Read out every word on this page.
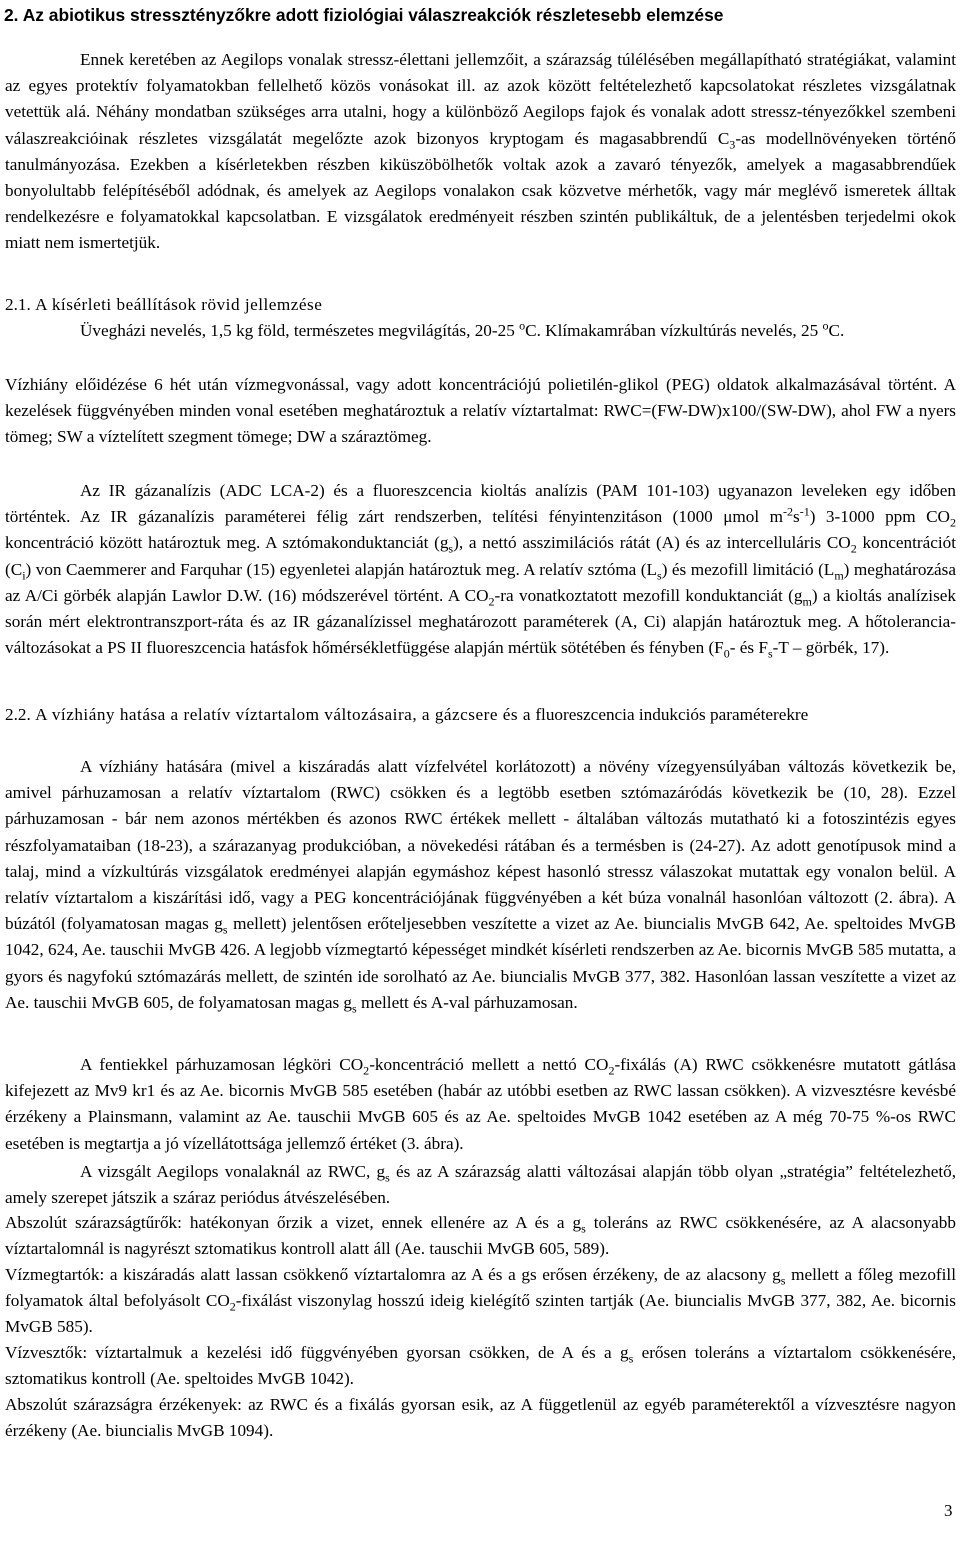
2. Az abiotikus stressztényzőkre adott fiziológiai válaszreakciók részletesebb elemzése

Ennek keretében az Aegilops vonalak stressz-élettani jellemzőit, a szárazság túlélésében megállapítható stratégiákat, valamint az egyes protektív folyamatokban fellelhető közös vonásokat ill. az azok között feltételezhető kapcsolatokat részletes vizsgálatnak vetettük alá. Néhány mondatban szükséges arra utalni, hogy a különböző Aegilops fajok és vonalak adott stressz-tényezőkkel szembeni válaszreakcióinak részletes vizsgálatát megelőzte azok bizonyos kryptogam és magasabbrendű $C_3-as$ modellnövényeken történő tanulmányozása. Ezekben a kísérletekben részben kiküszöbölhetők voltak azok a zavaró tényezők, amelyek a magasabbrendűek bonyolultabb felépítéséből adódnak, és amelyek az Aegilops vonalakon csak közvetve mérhetők, vagy már meglévő ismeretek álltak rendelkezésre e folyamatokkal kapcsolatban. E vizsgálatok eredményeit részben szintén publikáltuk, de a jelentésben terjedelmi okok miatt nem ismertetjük.

2.1. A kísérleti beállítások rövid jellemzése

Üvegházi nevelés, 1,5 kg föld, természetes megvilágítás, 20-25 $^o$C. Klímakamrában vízkultúrás nevelés, 25 $^o$C.

Vízhiány előidézése 6 hét után vízmegvonással, vagy adott koncentrációjú polietilén-glikol (PEG) oldatok alkalmazásával történt. A kezelések függvényében minden vonal esetében meghatároztuk a relatív víztartalmat: RWC=(FW-DW)x100/(SW-DW), ahol FW a nyers tömeg; SW a víztelített szegment tömege; DW a száraztömeg.

Az IR gázanalízis (ADC LCA-2) és a fluoreszcencia kioltás analízis (PAM 101-103) ugyanazon leveleken egy időben történtek. Az IR gázanalízis paraméterei félig zárt rendszerben, telítési fényintenzitáson (1000 μmol $m^{-2}s^{-1}$) 3-1000 ppm $CO_2$ koncentráció között határoztuk meg. A sztómakonduktanciát $(g_s)$, a nettó asszimilációs rátát (A) és az intercelluláris $CO_2$ koncentrációt $(C_i)$ von Caemmerer and Farquhar (15) egyenletei alapján határoztuk meg. A relatív sztóma $(L_s)$ és mezofill limitáció $(L_m)$ meghatározása az A/Ci görbék alapján Lawlor D.W. (16) módszerével történt. A $CO_2-ra$ vonatkoztatott mezofill konduktanciát $(g_m)$ a kioltás analízisek során mért elektrontranszport-ráta és az IR gázanalízissel meghatározott paraméterek (A, Ci) alapján határoztuk meg. A hőtolerancia-változásokat a PS II fluoreszcencia hatásfok hőmérsékletfüggése alapján mértük sötétében és fényben ($F_0-$ és $F_s-T$ – görbék, 17).

2.2. A vízhiány hatása a relatív víztartalom változásaira, a gázcsere és a fluoreszcencia indukciós paraméterekre

A vízhiány hatására (mivel a kiszáradás alatt vízfelvétel korlátozott) a növény vízegyensúlyában változás következik be, amivel párhuzamosan a relatív víztartalom (RWC) csökken és a legtöbb esetben sztómazáródás következik be (10, 28). Ezzel párhuzamosan - bár nem azonos mértékben és azonos RWC értékek mellett - általában változás mutatható ki a fotoszintézis egyes részfolyamataiban (18-23), a szárazanyag produkcióban, a növekedési rátában és a termésben is (24-27). Az adott genotípusok mind a talaj, mind a vízkultúrás vizsgálatok eredményei alapján egymáshoz képest hasonló stressz válaszokat mutattak egy vonalon belül. A relatív víztartalom a kiszárítási idő, vagy a PEG koncentrációjának függvényében a két búza vonalnál hasonlóan változott (2. ábra). A búzától (folyamatosan magas $g_s$ mellett) jelentősen erőteljesebben veszítette a vizet az Ae. biuncialis MvGB 642, Ae. speltoides MvGB 1042, 624, Ae. tauschii MvGB 426. A legjobb vízmegtartó képességet mindkét kísérleti rendszerben az Ae. bicornis MvGB 585 mutatta, a gyors és nagyfokú sztómazárás mellett, de szintén ide sorolható az Ae. biuncialis MvGB 377, 382. Hasonlóan lassan veszítette a vizet az Ae. tauschii MvGB 605, de folyamatosan magas $g_s$ mellett és A-val párhuzamosan.

A fentiekkel párhuzamosan légköri $CO_2$-koncentráció mellett a nettó $CO_2$-fixálás (A) RWC csökkenésre mutatott gátlása kifejezett az Mv9 kr1 és az Ae. bicornis MvGB 585 esetében (habár az utóbbi esetben az RWC lassan csökken). A vizvesztésre kevésbé érzékeny a Plainsmann, valamint az Ae. tauschii MvGB 605 és az Ae. speltoides MvGB 1042 esetében az A még 70-75 %-os RWC esetében is megtartja a jó vízellátottsága jellemző értéket (3. ábra).

A vizsgált Aegilops vonalaknál az RWC, $g_s$ és az A szárazság alatti változásai alapján több olyan „stratégia” feltételezhető, amely szerepet játszik a száraz periódus átvészelésében.

Abszolút szárazságtűrők: hatékonyan őrzik a vizet, ennek ellenére az A és a $g_s$ toleráns az RWC csökkenésére, az A alacsonyabb víztartalomnál is nagyrészt sztomatikus kontroll alatt áll (Ae. tauschii MvGB 605, 589).

Vízmegtartók: a kiszáradás alatt lassan csökkenő víztartalomra az A és a gs erősen érzékeny, de az alacsony $g_s$ mellett a főleg mezofill folyamatok által befolyásolt $CO_2$-fixálást viszonylag hosszú ideig kielégítő szinten tartják (Ae. biuncialis MvGB 377, 382, Ae. bicornis MvGB 585).

Vízvesztők: víztartalmuk a kezelési idő függvényében gyorsan csökken, de A és a $g_s$ erősen toleráns a víztartalom csökkenésére, sztomatikus kontroll (Ae. speltoides MvGB 1042).

Abszolút szárazságra érzékenyek: az RWC és a fixálás gyorsan esik, az A függetlenül az egyéb paraméterektől a vízvesztésre nagyon érzékeny (Ae. biuncialis MvGB 1094).

3
